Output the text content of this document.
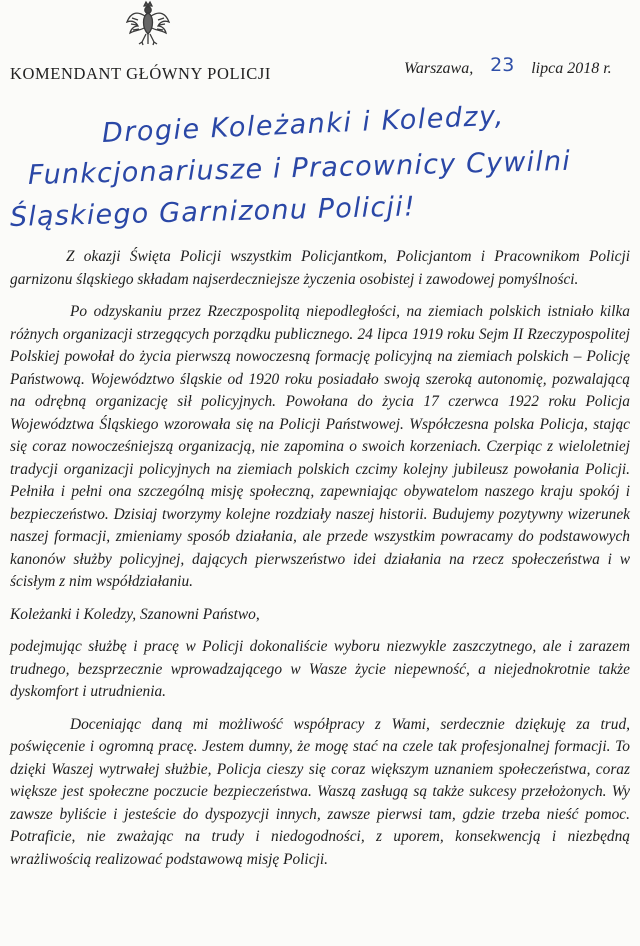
KOMENDANT GŁÓWNY POLICJI	Warszawa, 23 lipca 2018 r.
Drogie Koleżanki i Koledzy,
Funkcjonariusze i Pracownicy Cywilni
Śląskiego Garnizonu Policji!

Z okazji Święta Policji wszystkim Policjantkom, Policjantom i Pracownikom Policji garnizonu śląskiego składam najserdeczniejsze życzenia osobistej i zawodowej pomyślności.

Po odzyskaniu przez Rzeczpospolitą niepodległości, na ziemiach polskich istniało kilka różnych organizacji strzegących porządku publicznego. 24 lipca 1919 roku Sejm II Rzeczypospolitej Polskiej powołał do życia pierwszą nowoczesną formację policyjną na ziemiach polskich – Policję Państwową. Województwo śląskie od 1920 roku posiadało swoją szeroką autonomię, pozwalającą na odrębną organizację sił policyjnych. Powołana do życia 17 czerwca 1922 roku Policja Województwa Śląskiego wzorowała się na Policji Państwowej. Współczesna polska Policja, stając się coraz nowocześniejszą organizacją, nie zapomina o swoich korzeniach. Czerpiąc z wieloletniej tradycji organizacji policyjnych na ziemiach polskich czcimy kolejny jubileusz powołania Policji. Pełniła i pełni ona szczególną misję społeczną, zapewniając obywatelom naszego kraju spokój i bezpieczeństwo. Dzisiaj tworzymy kolejne rozdziały naszej historii. Budujemy pozytywny wizerunek naszej formacji, zmieniamy sposób działania, ale przede wszystkim powracamy do podstawowych kanonów służby policyjnej, dających pierwszeństwo idei działania na rzecz społeczeństwa i w ścisłym z nim współdziałaniu.

Koleżanki i Koledzy, Szanowni Państwo,

podejmując służbę i pracę w Policji dokonaliście wyboru niezwykle zaszczytnego, ale i zarazem trudnego, bezsprzecznie wprowadzającego w Wasze życie niepewność, a niejednokrotnie także dyskomfort i utrudnienia.

Doceniając daną mi możliwość współpracy z Wami, serdecznie dziękuję za trud, poświęcenie i ogromną pracę. Jestem dumny, że mogę stać na czele tak profesjonalnej formacji. To dzięki Waszej wytrwałej służbie, Policja cieszy się coraz większym uznaniem społeczeństwa, coraz większe jest społeczne poczucie bezpieczeństwa. Waszą zasługą są także sukcesy przełożonych. Wy zawsze byliście i jesteście do dyspozycji innych, zawsze pierwsi tam, gdzie trzeba nieść pomoc. Potraficie, nie zważając na trudy i niedogodności, z uporem, konsekwencją i niezbędną wrażliwością realizować podstawową misję Policji.
